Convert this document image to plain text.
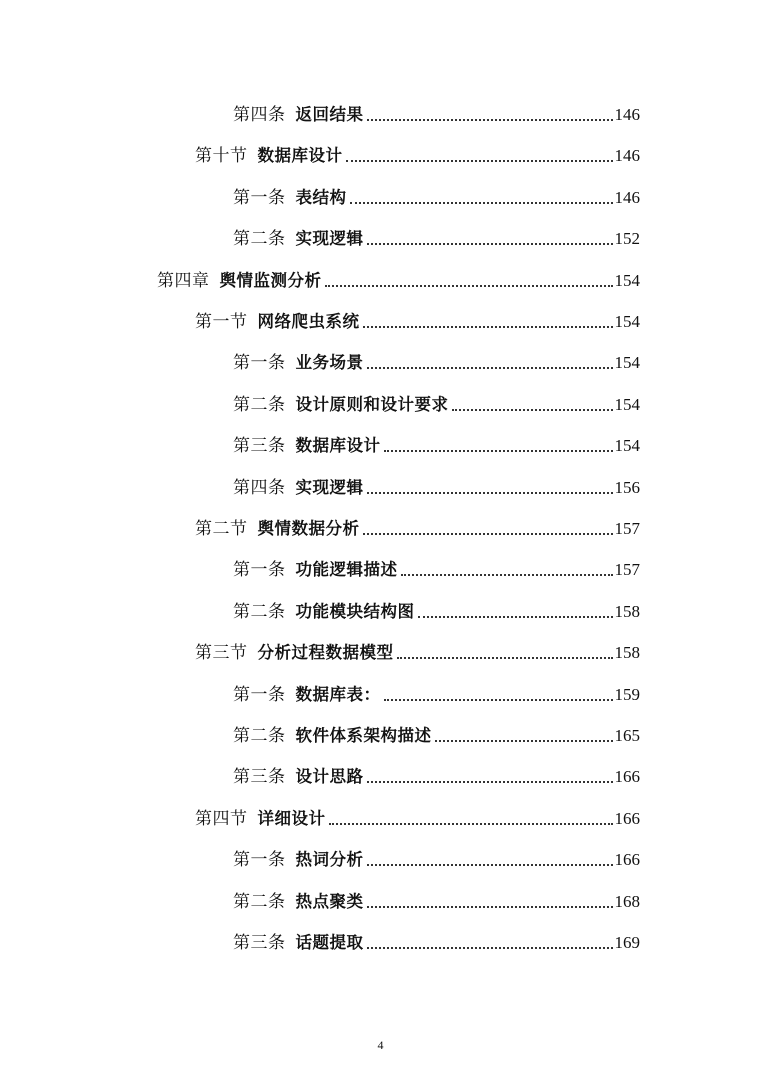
第四条 返回结果	146
第十节 数据库设计	146
第一条 表结构	146
第二条 实现逻辑	152
第四章 舆情监测分析	154
第一节 网络爬虫系统	154
第一条 业务场景	154
第二条 设计原则和设计要求	154
第三条 数据库设计	154
第四条 实现逻辑	156
第二节 舆情数据分析	157
第一条 功能逻辑描述	157
第二条 功能模块结构图	158
第三节 分析过程数据模型	158
第一条 数据库表：	159
第二条 软件体系架构描述	165
第三条 设计思路	166
第四节 详细设计	166
第一条 热词分析	166
第二条 热点聚类	168
第三条 话题提取	169
4
